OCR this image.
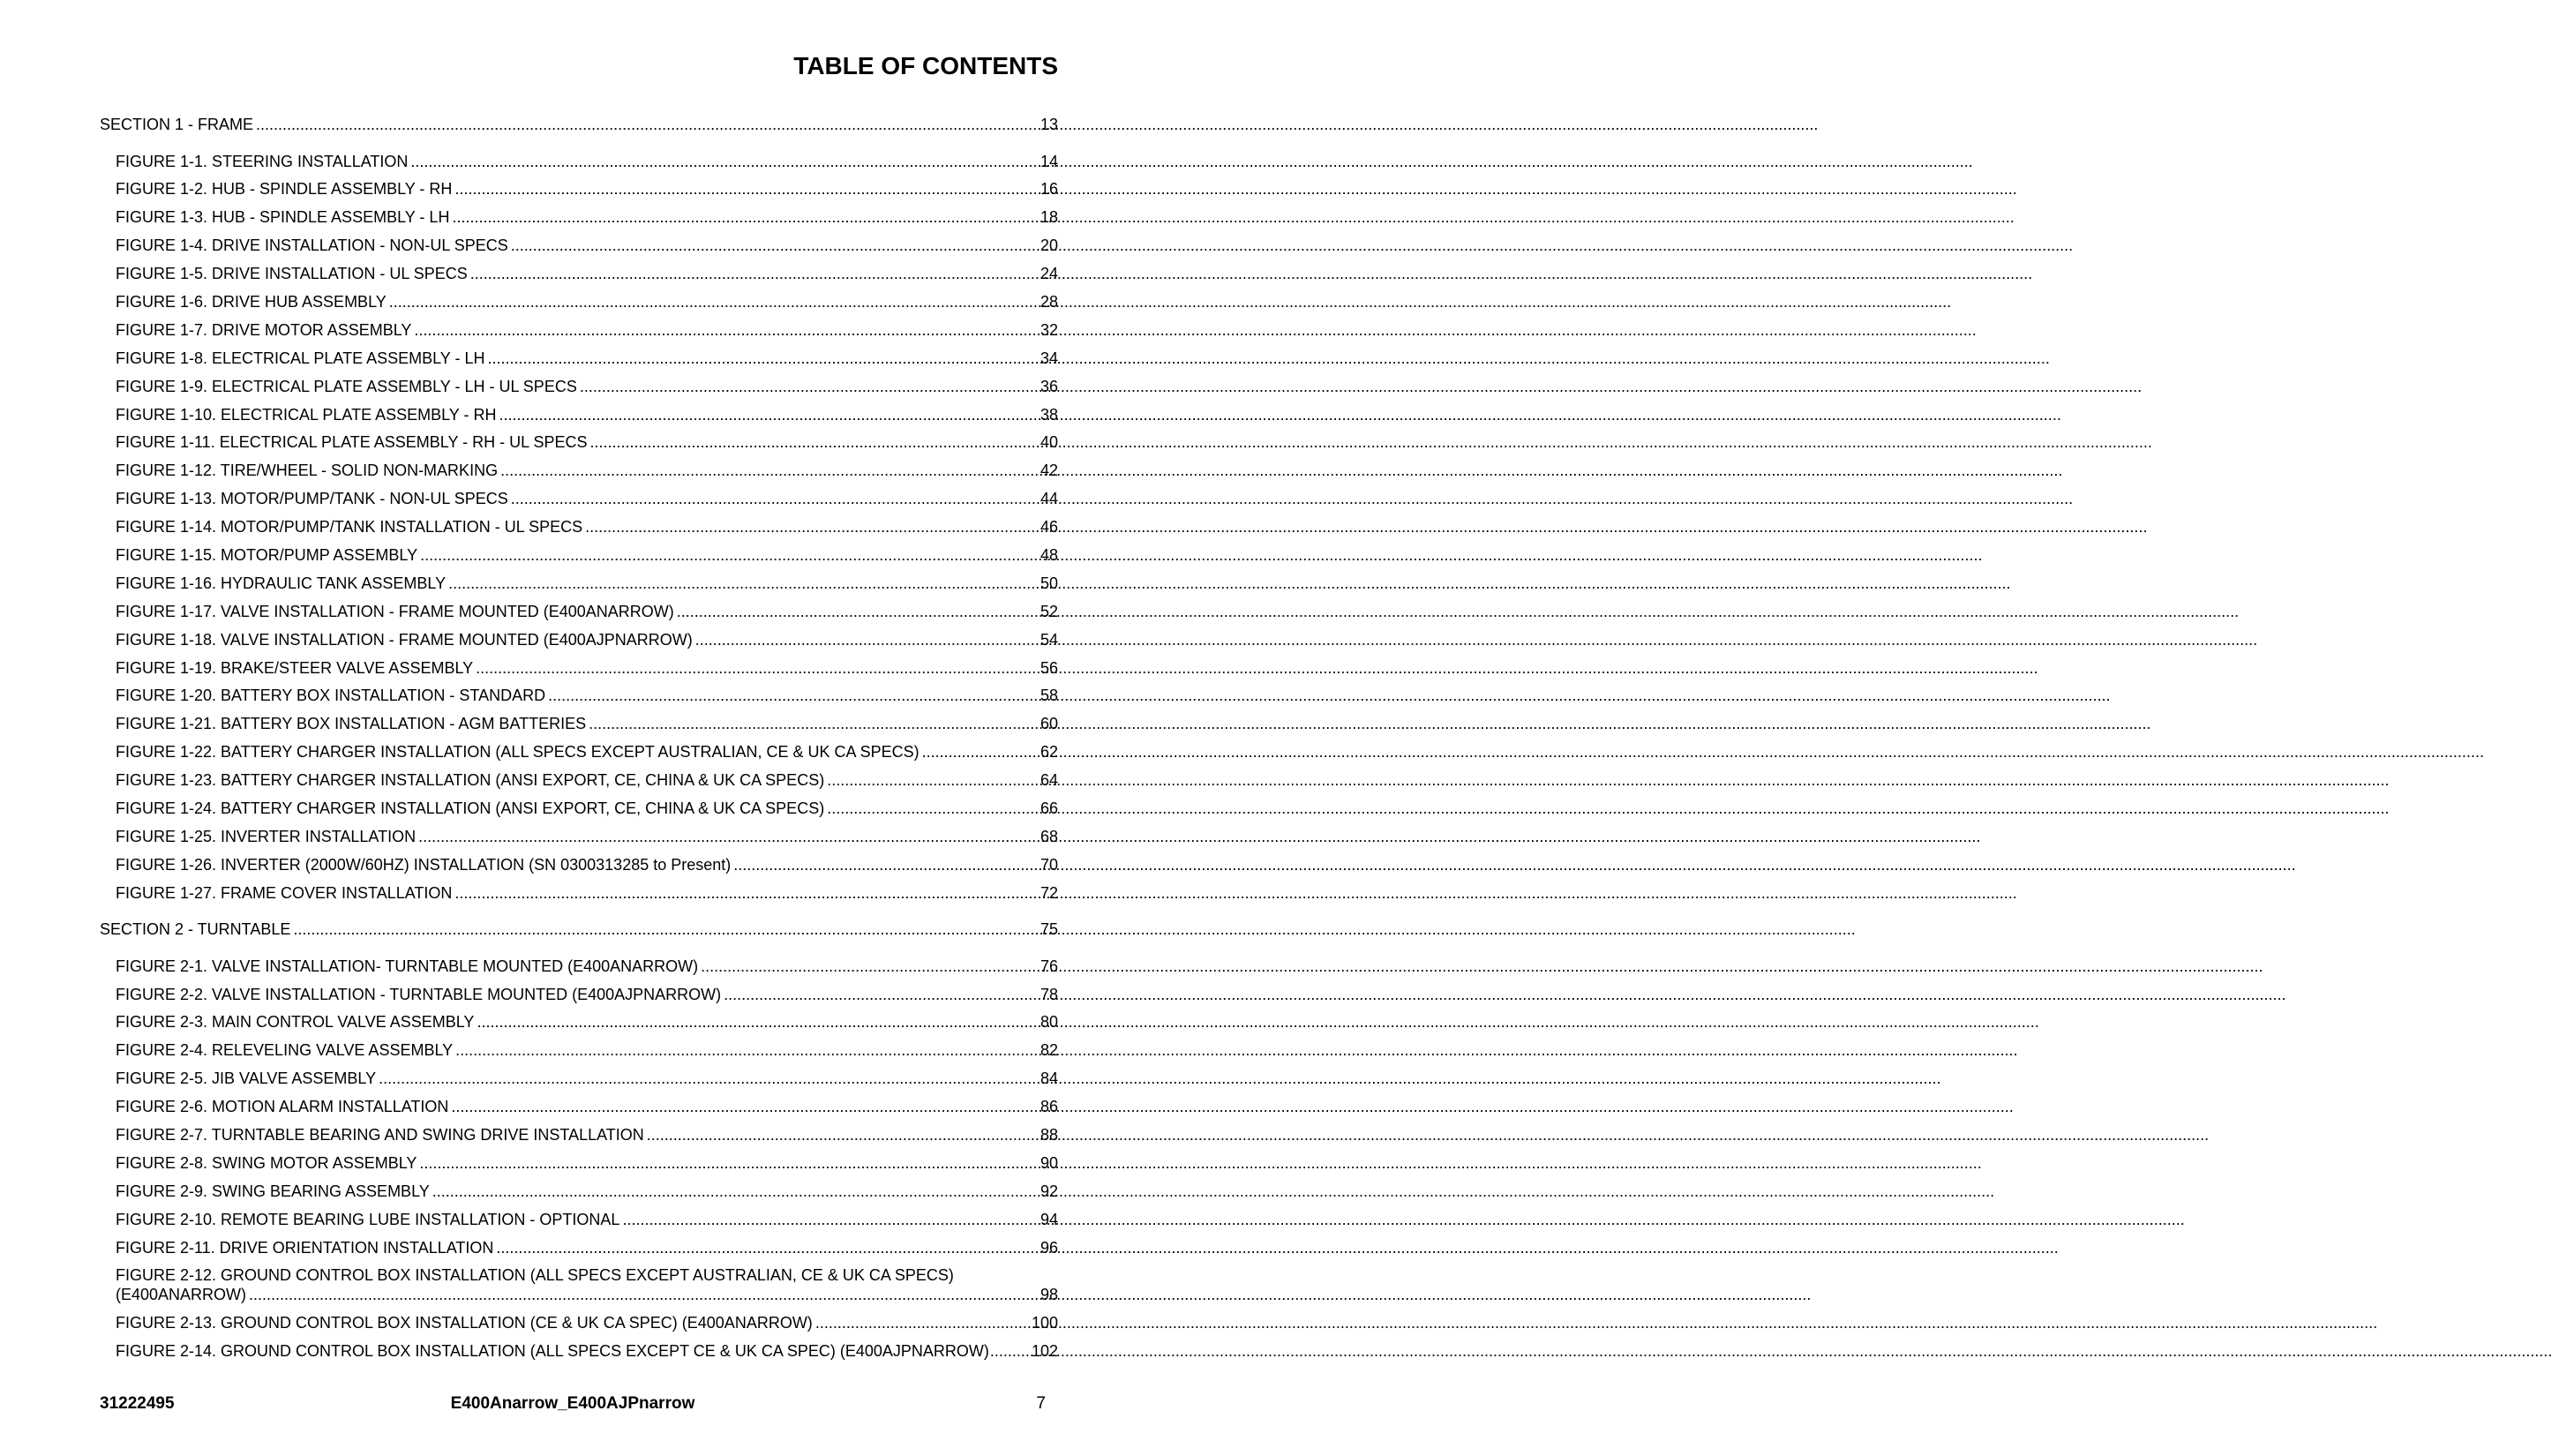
TABLE OF CONTENTS
SECTION 1 - FRAME .....	13
FIGURE 1-1. STEERING INSTALLATION .....	14
FIGURE 1-2. HUB - SPINDLE ASSEMBLY - RH .....	16
FIGURE 1-3. HUB - SPINDLE ASSEMBLY - LH .....	18
FIGURE 1-4. DRIVE INSTALLATION - NON-UL SPECS .....	20
FIGURE 1-5. DRIVE INSTALLATION - UL SPECS .....	24
FIGURE 1-6. DRIVE HUB ASSEMBLY .....	28
FIGURE 1-7. DRIVE MOTOR ASSEMBLY .....	32
FIGURE 1-8. ELECTRICAL PLATE ASSEMBLY - LH .....	34
FIGURE 1-9. ELECTRICAL PLATE ASSEMBLY - LH - UL SPECS .....	36
FIGURE 1-10. ELECTRICAL PLATE ASSEMBLY - RH .....	38
FIGURE 1-11. ELECTRICAL PLATE ASSEMBLY - RH - UL SPECS .....	40
FIGURE 1-12. TIRE/WHEEL - SOLID NON-MARKING .....	42
FIGURE 1-13. MOTOR/PUMP/TANK - NON-UL SPECS .....	44
FIGURE 1-14. MOTOR/PUMP/TANK INSTALLATION - UL SPECS .....	46
FIGURE 1-15. MOTOR/PUMP ASSEMBLY .....	48
FIGURE 1-16. HYDRAULIC TANK ASSEMBLY .....	50
FIGURE 1-17. VALVE INSTALLATION - FRAME MOUNTED (E400ANARROW) .....	52
FIGURE 1-18. VALVE INSTALLATION - FRAME MOUNTED (E400AJPNARROW) .....	54
FIGURE 1-19. BRAKE/STEER VALVE ASSEMBLY .....	56
FIGURE 1-20. BATTERY BOX INSTALLATION - STANDARD .....	58
FIGURE 1-21. BATTERY BOX INSTALLATION - AGM BATTERIES .....	60
FIGURE 1-22. BATTERY CHARGER INSTALLATION (ALL SPECS EXCEPT AUSTRALIAN, CE & UK CA SPECS) .....	62
FIGURE 1-23. BATTERY CHARGER INSTALLATION (ANSI EXPORT, CE, CHINA & UK CA SPECS) .....	64
FIGURE 1-24. BATTERY CHARGER INSTALLATION (ANSI EXPORT, CE, CHINA & UK CA SPECS) .....	66
FIGURE 1-25. INVERTER INSTALLATION .....	68
FIGURE 1-26. INVERTER (2000W/60HZ) INSTALLATION (SN 0300313285 to Present) .....	70
FIGURE 1-27. FRAME COVER INSTALLATION .....	72
SECTION 2 - TURNTABLE .....	75
FIGURE 2-1. VALVE INSTALLATION- TURNTABLE MOUNTED (E400ANARROW) .....	76
FIGURE 2-2. VALVE INSTALLATION - TURNTABLE MOUNTED (E400AJPNARROW) .....	78
FIGURE 2-3. MAIN CONTROL VALVE ASSEMBLY .....	80
FIGURE 2-4. RELEVELING VALVE ASSEMBLY .....	82
FIGURE 2-5. JIB VALVE ASSEMBLY .....	84
FIGURE 2-6. MOTION ALARM INSTALLATION .....	86
FIGURE 2-7. TURNTABLE BEARING AND SWING DRIVE INSTALLATION .....	88
FIGURE 2-8. SWING MOTOR ASSEMBLY .....	90
FIGURE 2-9. SWING BEARING ASSEMBLY .....	92
FIGURE 2-10. REMOTE BEARING LUBE INSTALLATION - OPTIONAL .....	94
FIGURE 2-11. DRIVE ORIENTATION INSTALLATION .....	96
FIGURE 2-12. GROUND CONTROL BOX INSTALLATION (ALL SPECS EXCEPT AUSTRALIAN, CE & UK CA SPECS)
(E400ANARROW) .....	98
FIGURE 2-13. GROUND CONTROL BOX INSTALLATION (CE & UK CA SPEC) (E400ANARROW) .....	100
FIGURE 2-14. GROUND CONTROL BOX INSTALLATION (ALL SPECS EXCEPT CE & UK CA SPEC) (E400AJPNARROW) .....	102
31222495	E400Anarrow_E400AJPnarrow	7
